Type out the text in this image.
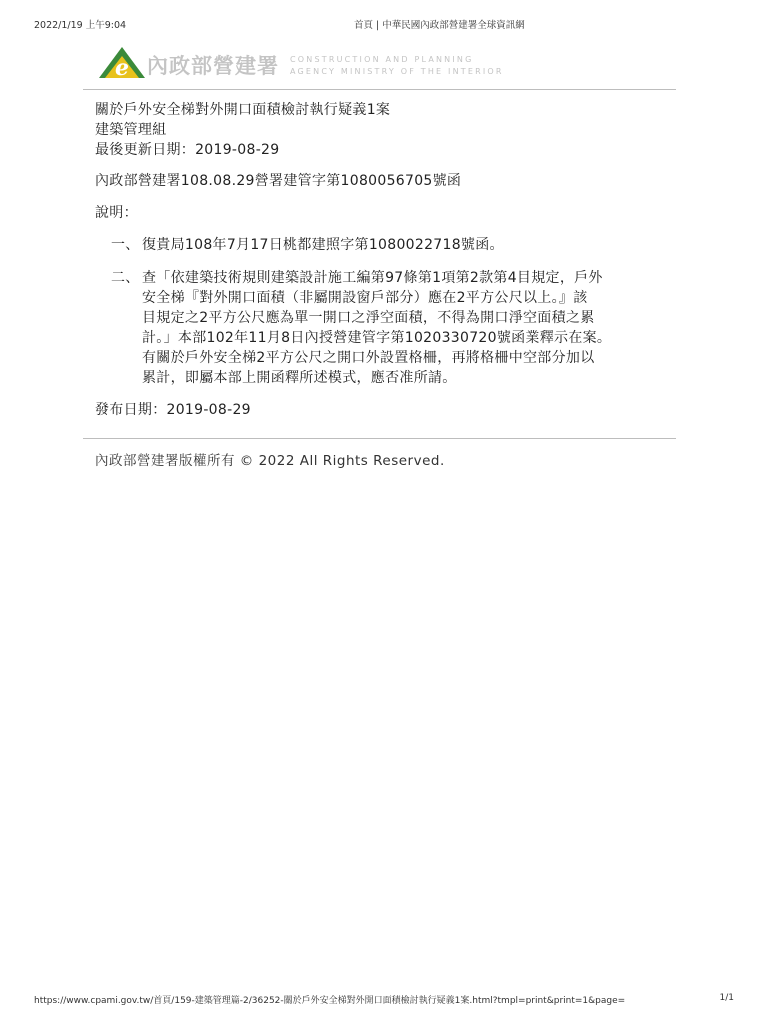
2022/1/19 上午9:04	首頁 | 中華民國內政部營建署全球資訊網
e 內政部營建署 CONSTRUCTION AND PLANNING
AGENCY MINISTRY OF THE INTERIOR

關於戶外安全梯對外開口面積檢討執行疑義1案

建築管理組

最後更新日期：2019-08-29

內政部營建署108.08.29營署建管字第1080056705號函

說明：

一、 復貴局108年7月17日桃都建照字第1080022718號函。

二、 查「依建築技術規則建築設計施工編第97條第1項第2款第4目規定，戶外

安全梯『對外開口面積（非屬開設窗戶部分）應在2平方公尺以上。』該

目規定之2平方公尺應為單一開口之淨空面積，不得為開口淨空面積之累

計。」本部102年11月8日內授營建管字第1020330720號函業釋示在案。

有關於戶外安全梯2平方公尺之開口外設置格柵，再將格柵中空部分加以

累計，即屬本部上開函釋所述模式，應否准所請。

發布日期：2019-08-29

內政部營建署版權所有 © 2022 All Rights Reserved.
https://www.cpami.gov.tw/首頁/159-建築管理篇-2/36252-關於戶外安全梯對外開口面積檢討執行疑義1案.html?tmpl=print&print=1&page=	1/1
